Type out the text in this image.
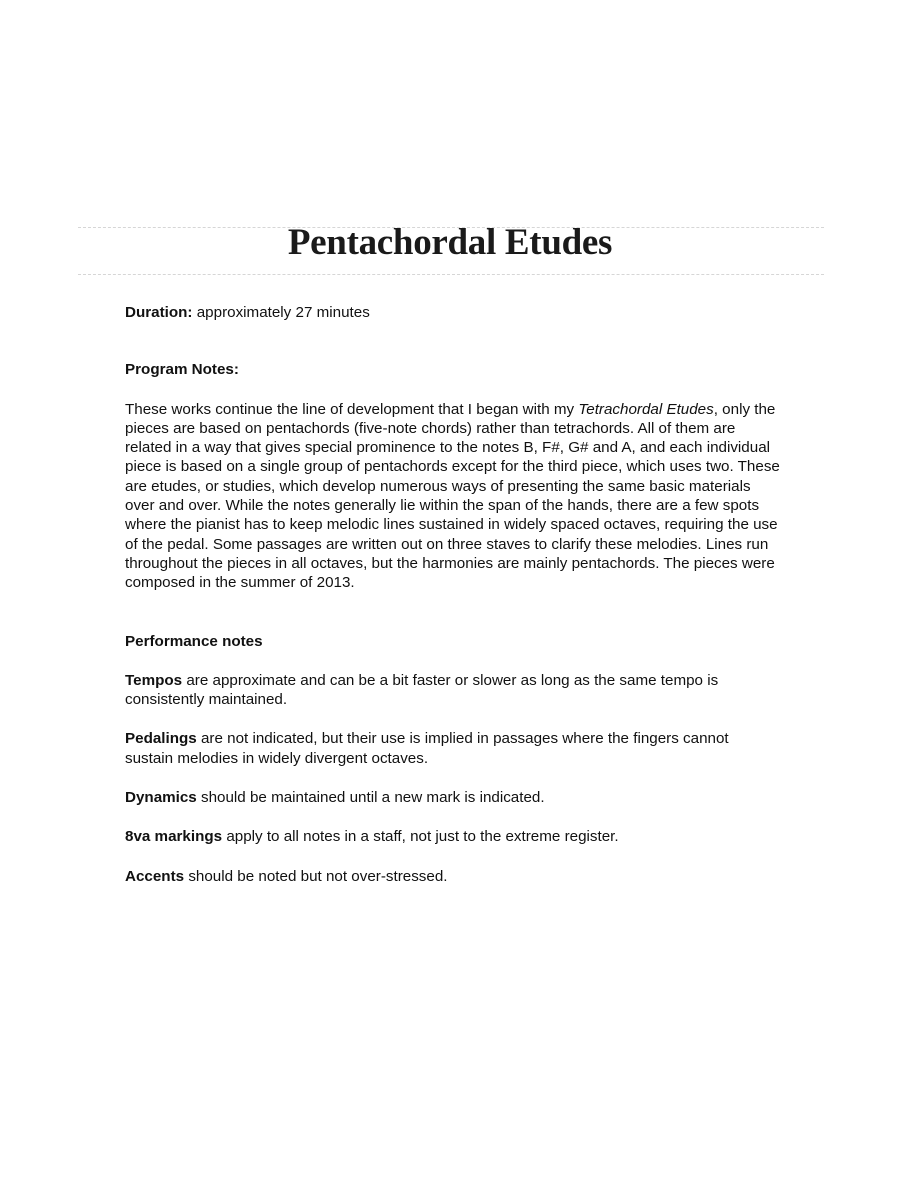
Pentachordal Etudes

Duration: approximately 27 minutes

Program Notes:

These works continue the line of development that I began with my Tetrachordal Etudes, only the pieces are based on pentachords (five-note chords) rather than tetrachords. All of them are related in a way that gives special prominence to the notes B, F#, G# and A, and each individual piece is based on a single group of pentachords except for the third piece, which uses two. These are etudes, or studies, which develop numerous ways of presenting the same basic materials over and over. While the notes generally lie within the span of the hands, there are a few spots where the pianist has to keep melodic lines sustained in widely spaced octaves, requiring the use of the pedal. Some passages are written out on three staves to clarify these melodies. Lines run throughout the pieces in all octaves, but the harmonies are mainly pentachords. The pieces were composed in the summer of 2013.

Performance notes

Tempos are approximate and can be a bit faster or slower as long as the same tempo is consistently maintained.

Pedalings are not indicated, but their use is implied in passages where the fingers cannot sustain melodies in widely divergent octaves.

Dynamics should be maintained until a new mark is indicated.

8va markings apply to all notes in a staff, not just to the extreme register.

Accents should be noted but not over-stressed.
